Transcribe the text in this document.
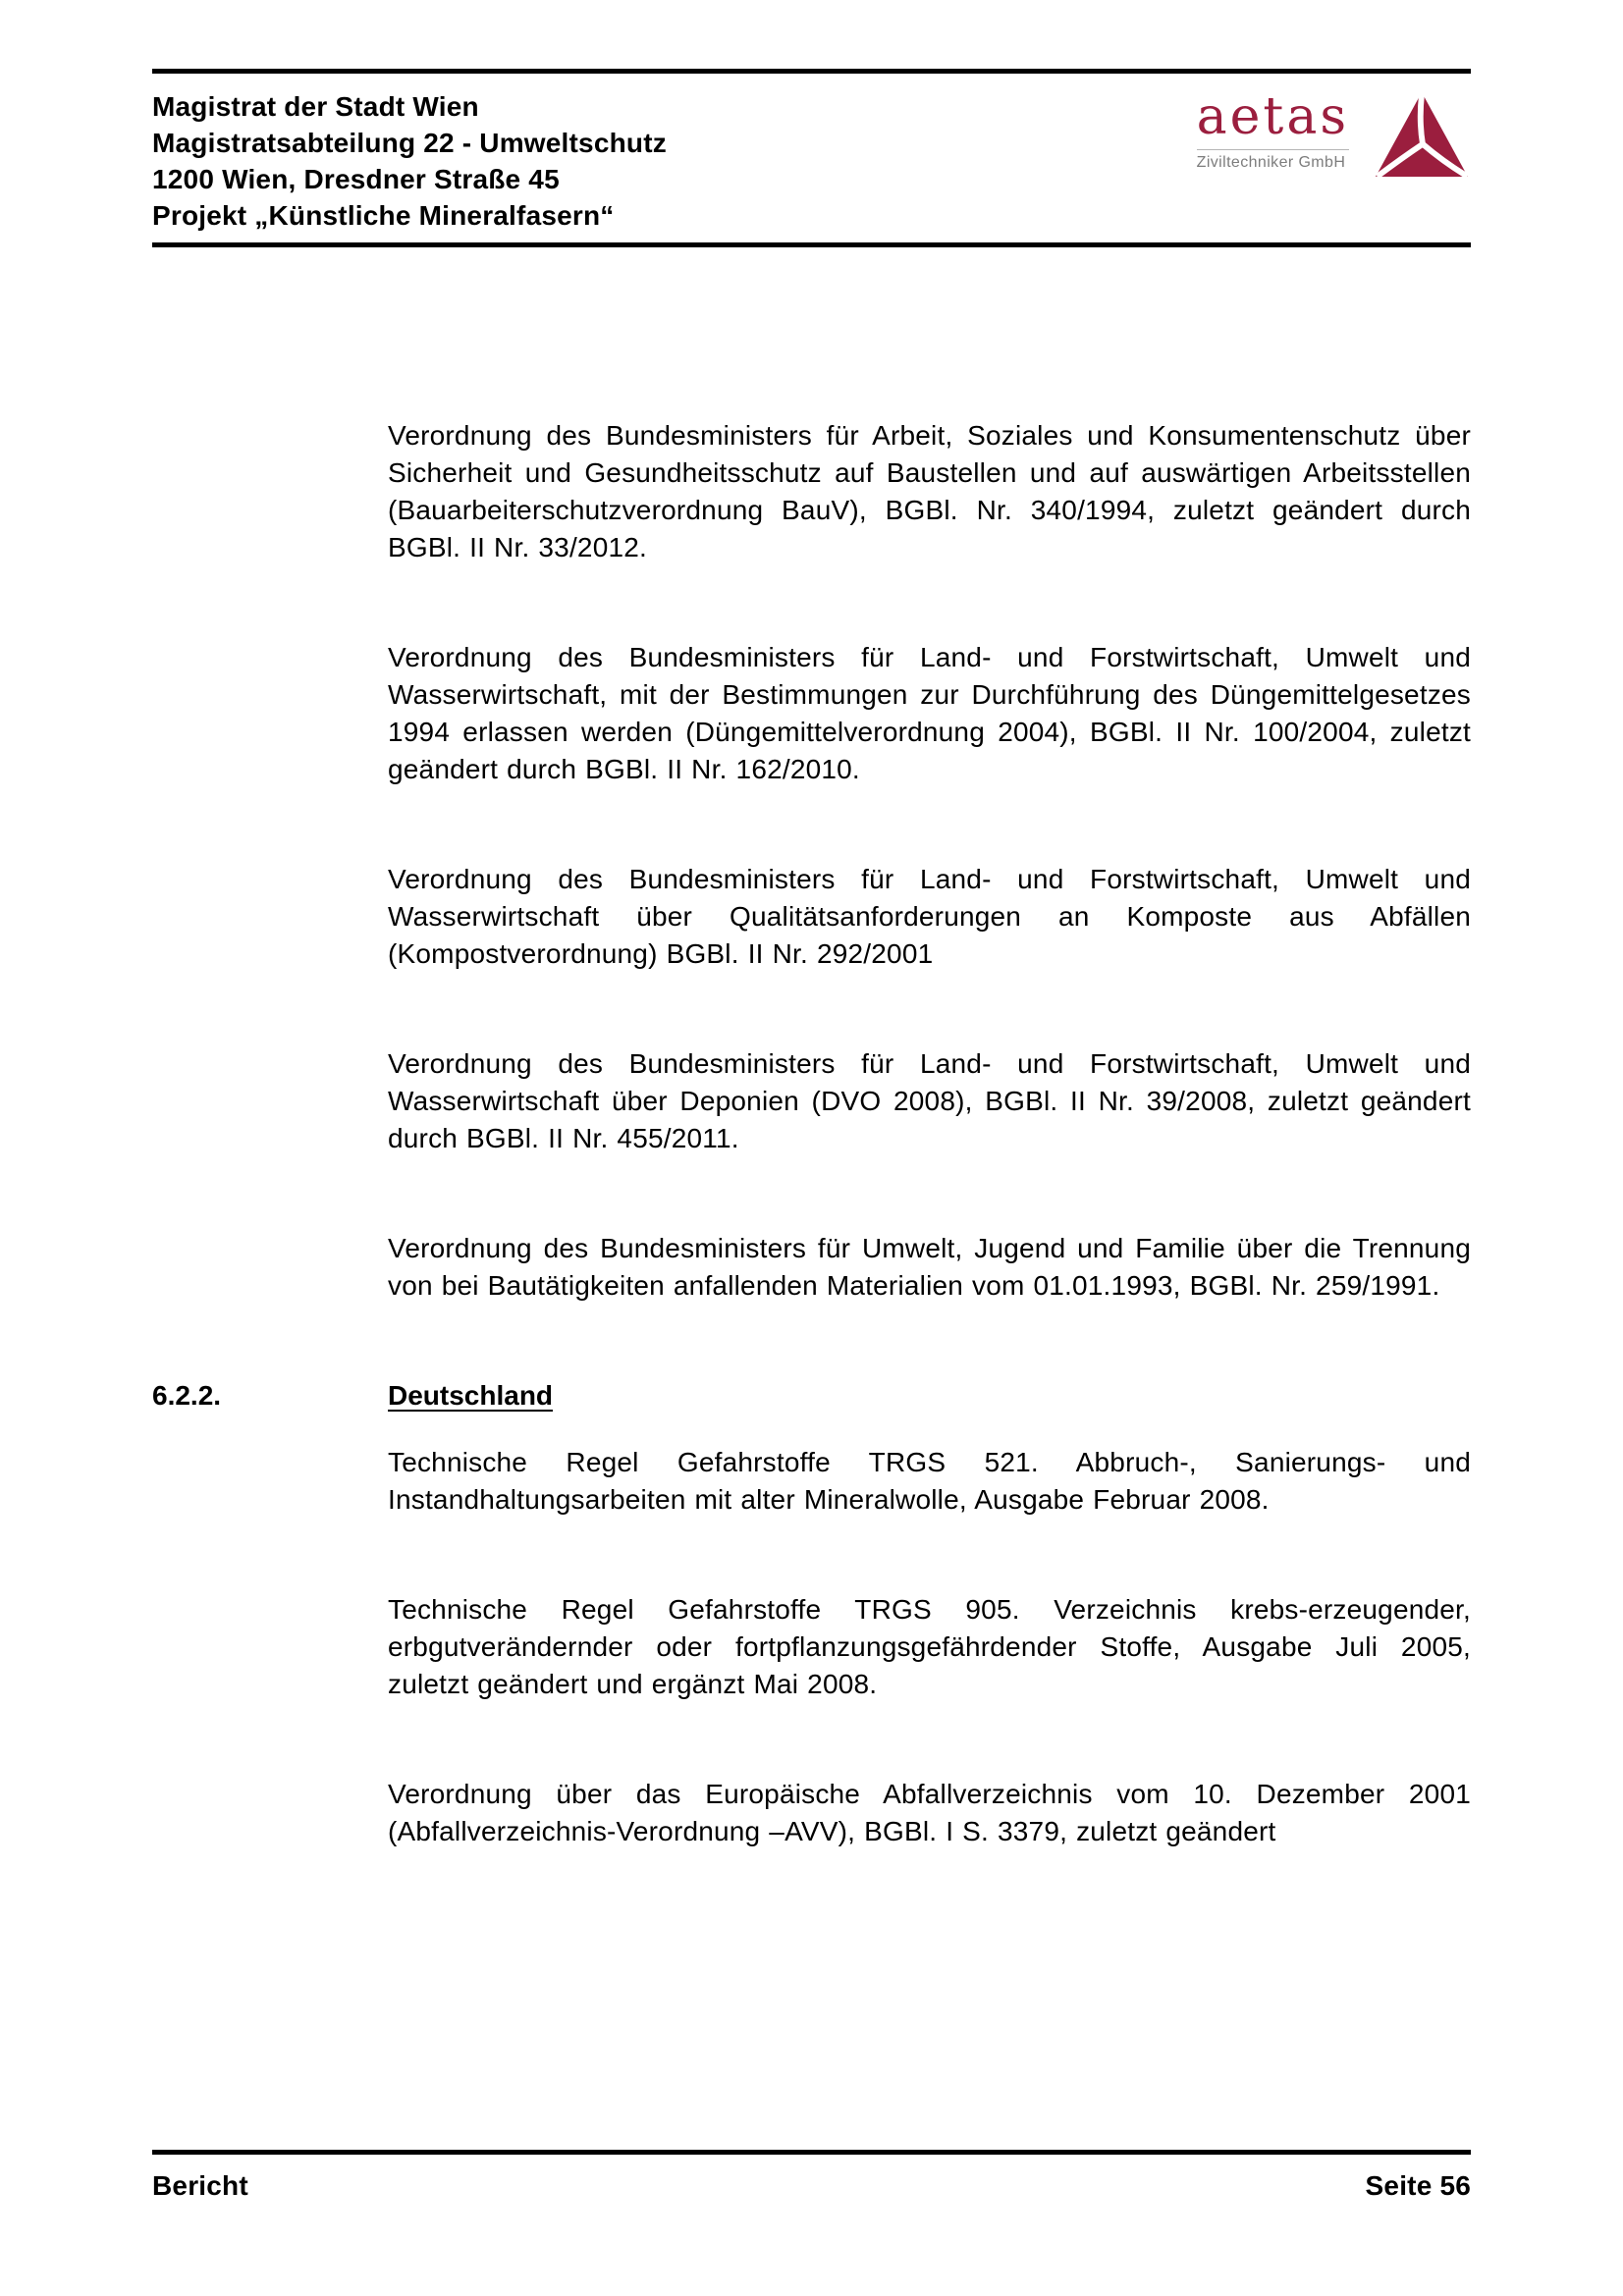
Magistrat der Stadt Wien
Magistratsabteilung 22 - Umweltschutz
1200 Wien, Dresdner Straße 45
Projekt „Künstliche Mineralfasern“
aetas
Ziviltechniker GmbH

Verordnung des Bundesministers für Arbeit, Soziales und Konsumentenschutz über Sicherheit und Gesundheitsschutz auf Baustellen und auf auswärtigen Arbeitsstellen (Bauarbeiterschutzverordnung BauV), BGBl. Nr. 340/1994, zuletzt geändert durch BGBl. II Nr. 33/2012.

Verordnung des Bundesministers für Land- und Forstwirtschaft, Umwelt und Wasserwirtschaft, mit der Bestimmungen zur Durchführung des Düngemittelgesetzes 1994 erlassen werden (Düngemittelverordnung 2004), BGBl. II Nr. 100/2004, zuletzt geändert durch BGBl. II Nr. 162/2010.

Verordnung des Bundesministers für Land- und Forstwirtschaft, Umwelt und Wasserwirtschaft über Qualitätsanforderungen an Komposte aus Abfällen (Kompostverordnung) BGBl. II Nr. 292/2001

Verordnung des Bundesministers für Land- und Forstwirtschaft, Umwelt und Wasserwirtschaft über Deponien (DVO 2008), BGBl. II Nr. 39/2008, zuletzt geändert durch BGBl. II Nr. 455/2011.

Verordnung des Bundesministers für Umwelt, Jugend und Familie über die Trennung von bei Bautätigkeiten anfallenden Materialien vom 01.01.1993, BGBl. Nr. 259/1991.

6.2.2.	Deutschland

Technische Regel Gefahrstoffe TRGS 521. Abbruch-, Sanierungs- und Instandhaltungsarbeiten mit alter Mineralwolle, Ausgabe Februar 2008.

Technische Regel Gefahrstoffe TRGS 905. Verzeichnis krebs-erzeugender, erbgutverändernder oder fortpflanzungsgefährdender Stoffe, Ausgabe Juli 2005, zuletzt geändert und ergänzt Mai 2008.

Verordnung über das Europäische Abfallverzeichnis vom 10. Dezember 2001 (Abfallverzeichnis-Verordnung –AVV), BGBl. I S. 3379, zuletzt geändert

Bericht	Seite 56
